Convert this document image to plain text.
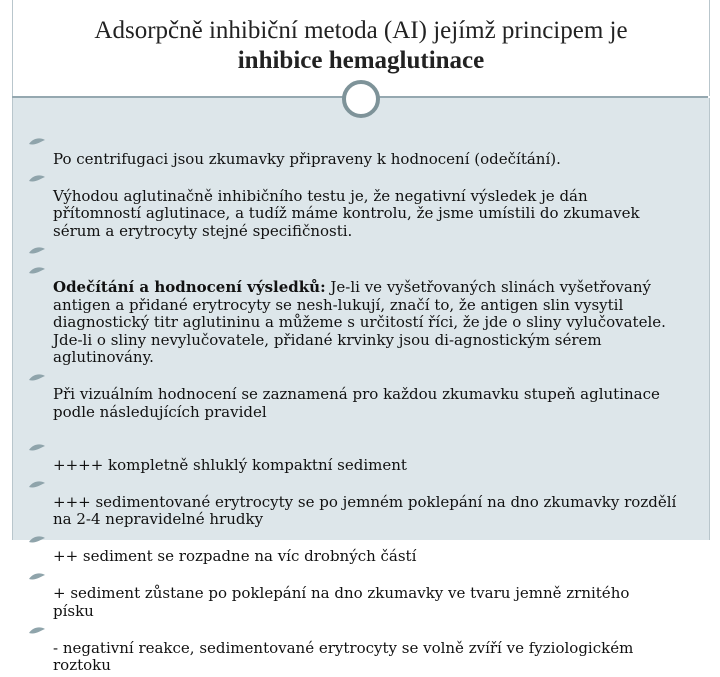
Adsorpčně inhibiční metoda (AI) jejímž principem je
inhibice hemaglutinace

Po centrifugaci jsou zkumavky připraveny k hodnocení (odečítání).

Výhodou aglutinačně inhibičního testu je, že negativní výsledek je dán
přítomností aglutinace, a tudíž máme kontrolu, že jsme umístili do zkumavek
sérum a erytrocyty stejné specifičnosti.

Odečítání a hodnocení výsledků: Je-li ve vyšetřovaných slinách vyšetřovaný
antigen a přidané erytrocyty se nesh-lukují, značí to, že antigen slin vysytil
diagnostický titr aglutininu a můžeme s určitostí říci, že jde o sliny vylučovatele.
Jde-li o sliny nevylučovatele, přidané krvinky jsou di-agnostickým sérem
aglutinovány.

Při vizuálním hodnocení se zaznamená pro každou zkumavku stupeň aglutinace
podle následujících pravidel

++++ kompletně shluklý kompaktní sediment

+++ sedimentované erytrocyty se po jemném poklepání na dno zkumavky rozdělí
na 2-4 nepravidelné hrudky

++ sediment se rozpadne na víc drobných částí

+ sediment zůstane po poklepání na dno zkumavky ve tvaru jemně zrnitého
písku

- negativní reakce, sedimentované erytrocyty se volně zvíří ve fyziologickém
roztoku
